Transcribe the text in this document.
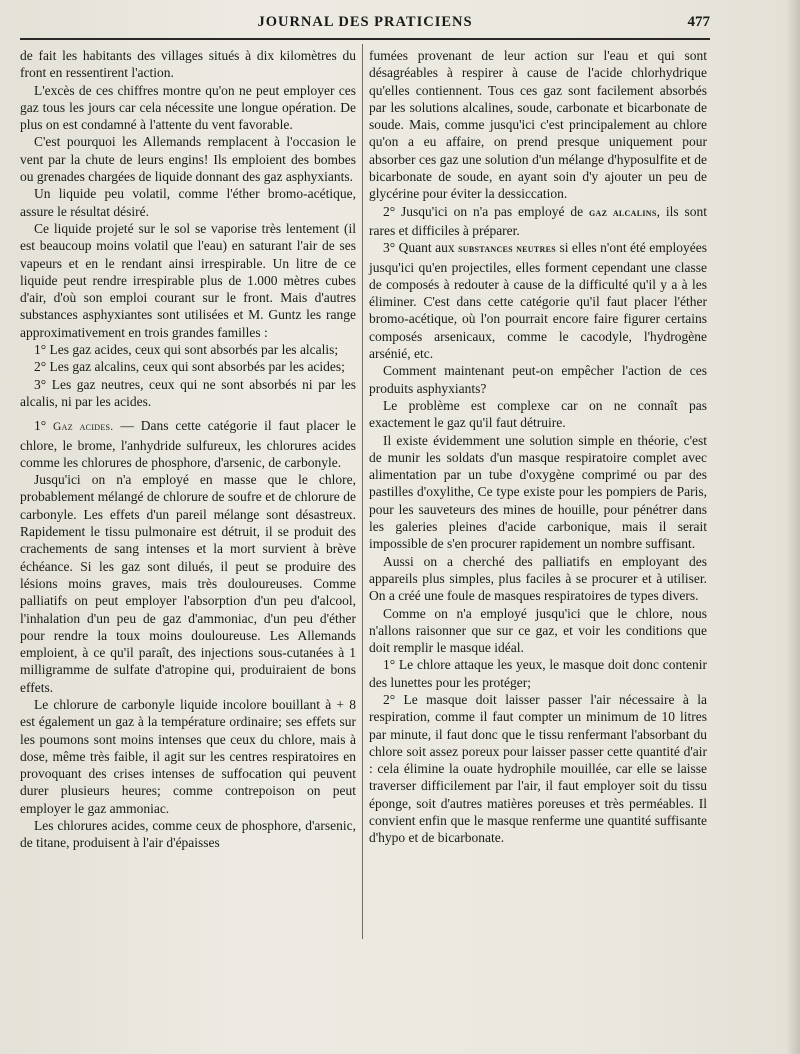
JOURNAL DES PRATICIENS	477

de fait les habitants des villages situés à dix kilomètres du front en ressentirent l'action.

L'excès de ces chiffres montre qu'on ne peut employer ces gaz tous les jours car cela nécessite une longue opération. De plus on est condamné à l'attente du vent favorable.

C'est pourquoi les Allemands remplacent à l'occasion le vent par la chute de leurs engins! Ils emploient des bombes ou grenades chargées de liquide donnant des gaz asphyxiants.

Un liquide peu volatil, comme l'éther bromo-acétique, assure le résultat désiré.

Ce liquide projeté sur le sol se vaporise très lentement (il est beaucoup moins volatil que l'eau) en saturant l'air de ses vapeurs et en le rendant ainsi irrespirable. Un litre de ce liquide peut rendre irrespirable plus de 1.000 mètres cubes d'air, d'où son emploi courant sur le front. Mais d'autres substances asphyxiantes sont utilisées et M. Guntz les range approximativement en trois grandes familles :

1° Les gaz acides, ceux qui sont absorbés par les alcalis;

2° Les gaz alcalins, ceux qui sont absorbés par les acides;

3° Les gaz neutres, ceux qui ne sont absorbés ni par les alcalis, ni par les acides.

1° Gaz acides. — Dans cette catégorie il faut placer le chlore, le brome, l'anhydride sulfureux, les chlorures acides comme les chlorures de phosphore, d'arsenic, de carbonyle.

Jusqu'ici on n'a employé en masse que le chlore, probablement mélangé de chlorure de soufre et de chlorure de carbonyle. Les effets d'un pareil mélange sont désastreux. Rapidement le tissu pulmonaire est détruit, il se produit des crachements de sang intenses et la mort survient à brève échéance. Si les gaz sont dilués, il peut se produire des lésions moins graves, mais très douloureuses. Comme palliatifs on peut employer l'absorption d'un peu d'alcool, l'inhalation d'un peu de gaz d'ammoniac, d'un peu d'éther pour rendre la toux moins douloureuse. Les Allemands emploient, à ce qu'il paraît, des injections sous-cutanées à 1 milligramme de sulfate d'atropine qui, produiraient de bons effets.

Le chlorure de carbonyle liquide incolore bouillant à + 8 est également un gaz à la température ordinaire; ses effets sur les poumons sont moins intenses que ceux du chlore, mais à dose, même très faible, il agit sur les centres respiratoires en provoquant des crises intenses de suffocation qui peuvent durer plusieurs heures; comme contrepoison on peut employer le gaz ammoniac.

Les chlorures acides, comme ceux de phosphore, d'arsenic, de titane, produisent à l'air d'épaisses

fumées provenant de leur action sur l'eau et qui sont désagréables à respirer à cause de l'acide chlorhydrique qu'elles contiennent. Tous ces gaz sont facilement absorbés par les solutions alcalines, soude, carbonate et bicarbonate de soude. Mais, comme jusqu'ici c'est principalement au chlore qu'on a eu affaire, on prend presque uniquement pour absorber ces gaz une solution d'un mélange d'hyposulfite et de bicarbonate de soude, en ayant soin d'y ajouter un peu de glycérine pour éviter la dessiccation.

2° Jusqu'ici on n'a pas employé de gaz alcalins, ils sont rares et difficiles à préparer.

3° Quant aux substances neutres si elles n'ont été employées jusqu'ici qu'en projectiles, elles forment cependant une classe de composés à redouter à cause de la difficulté qu'il y a à les éliminer. C'est dans cette catégorie qu'il faut placer l'éther bromo-acétique, où l'on pourrait encore faire figurer certains composés arsenicaux, comme le cacodyle, l'hydrogène arsénié, etc.

Comment maintenant peut-on empêcher l'action de ces produits asphyxiants?

Le problème est complexe car on ne connaît pas exactement le gaz qu'il faut détruire.

Il existe évidemment une solution simple en théorie, c'est de munir les soldats d'un masque respiratoire complet avec alimentation par un tube d'oxygène comprimé ou par des pastilles d'oxylithe, Ce type existe pour les pompiers de Paris, pour les sauveteurs des mines de houille, pour pénétrer dans les galeries pleines d'acide carbonique, mais il serait impossible de s'en procurer rapidement un nombre suffisant.

Aussi on a cherché des palliatifs en employant des appareils plus simples, plus faciles à se procurer et à utiliser. On a créé une foule de masques respiratoires de types divers.

Comme on n'a employé jusqu'ici que le chlore, nous n'allons raisonner que sur ce gaz, et voir les conditions que doit remplir le masque idéal.

1° Le chlore attaque les yeux, le masque doit donc contenir des lunettes pour les protéger;

2° Le masque doit laisser passer l'air nécessaire à la respiration, comme il faut compter un minimum de 10 litres par minute, il faut donc que le tissu renfermant l'absorbant du chlore soit assez poreux pour laisser passer cette quantité d'air : cela élimine la ouate hydrophile mouillée, car elle se laisse traverser difficilement par l'air, il faut employer soit du tissu éponge, soit d'autres matières poreuses et très perméables. Il convient enfin que le masque renferme une quantité suffisante d'hypo et de bicarbonate.
